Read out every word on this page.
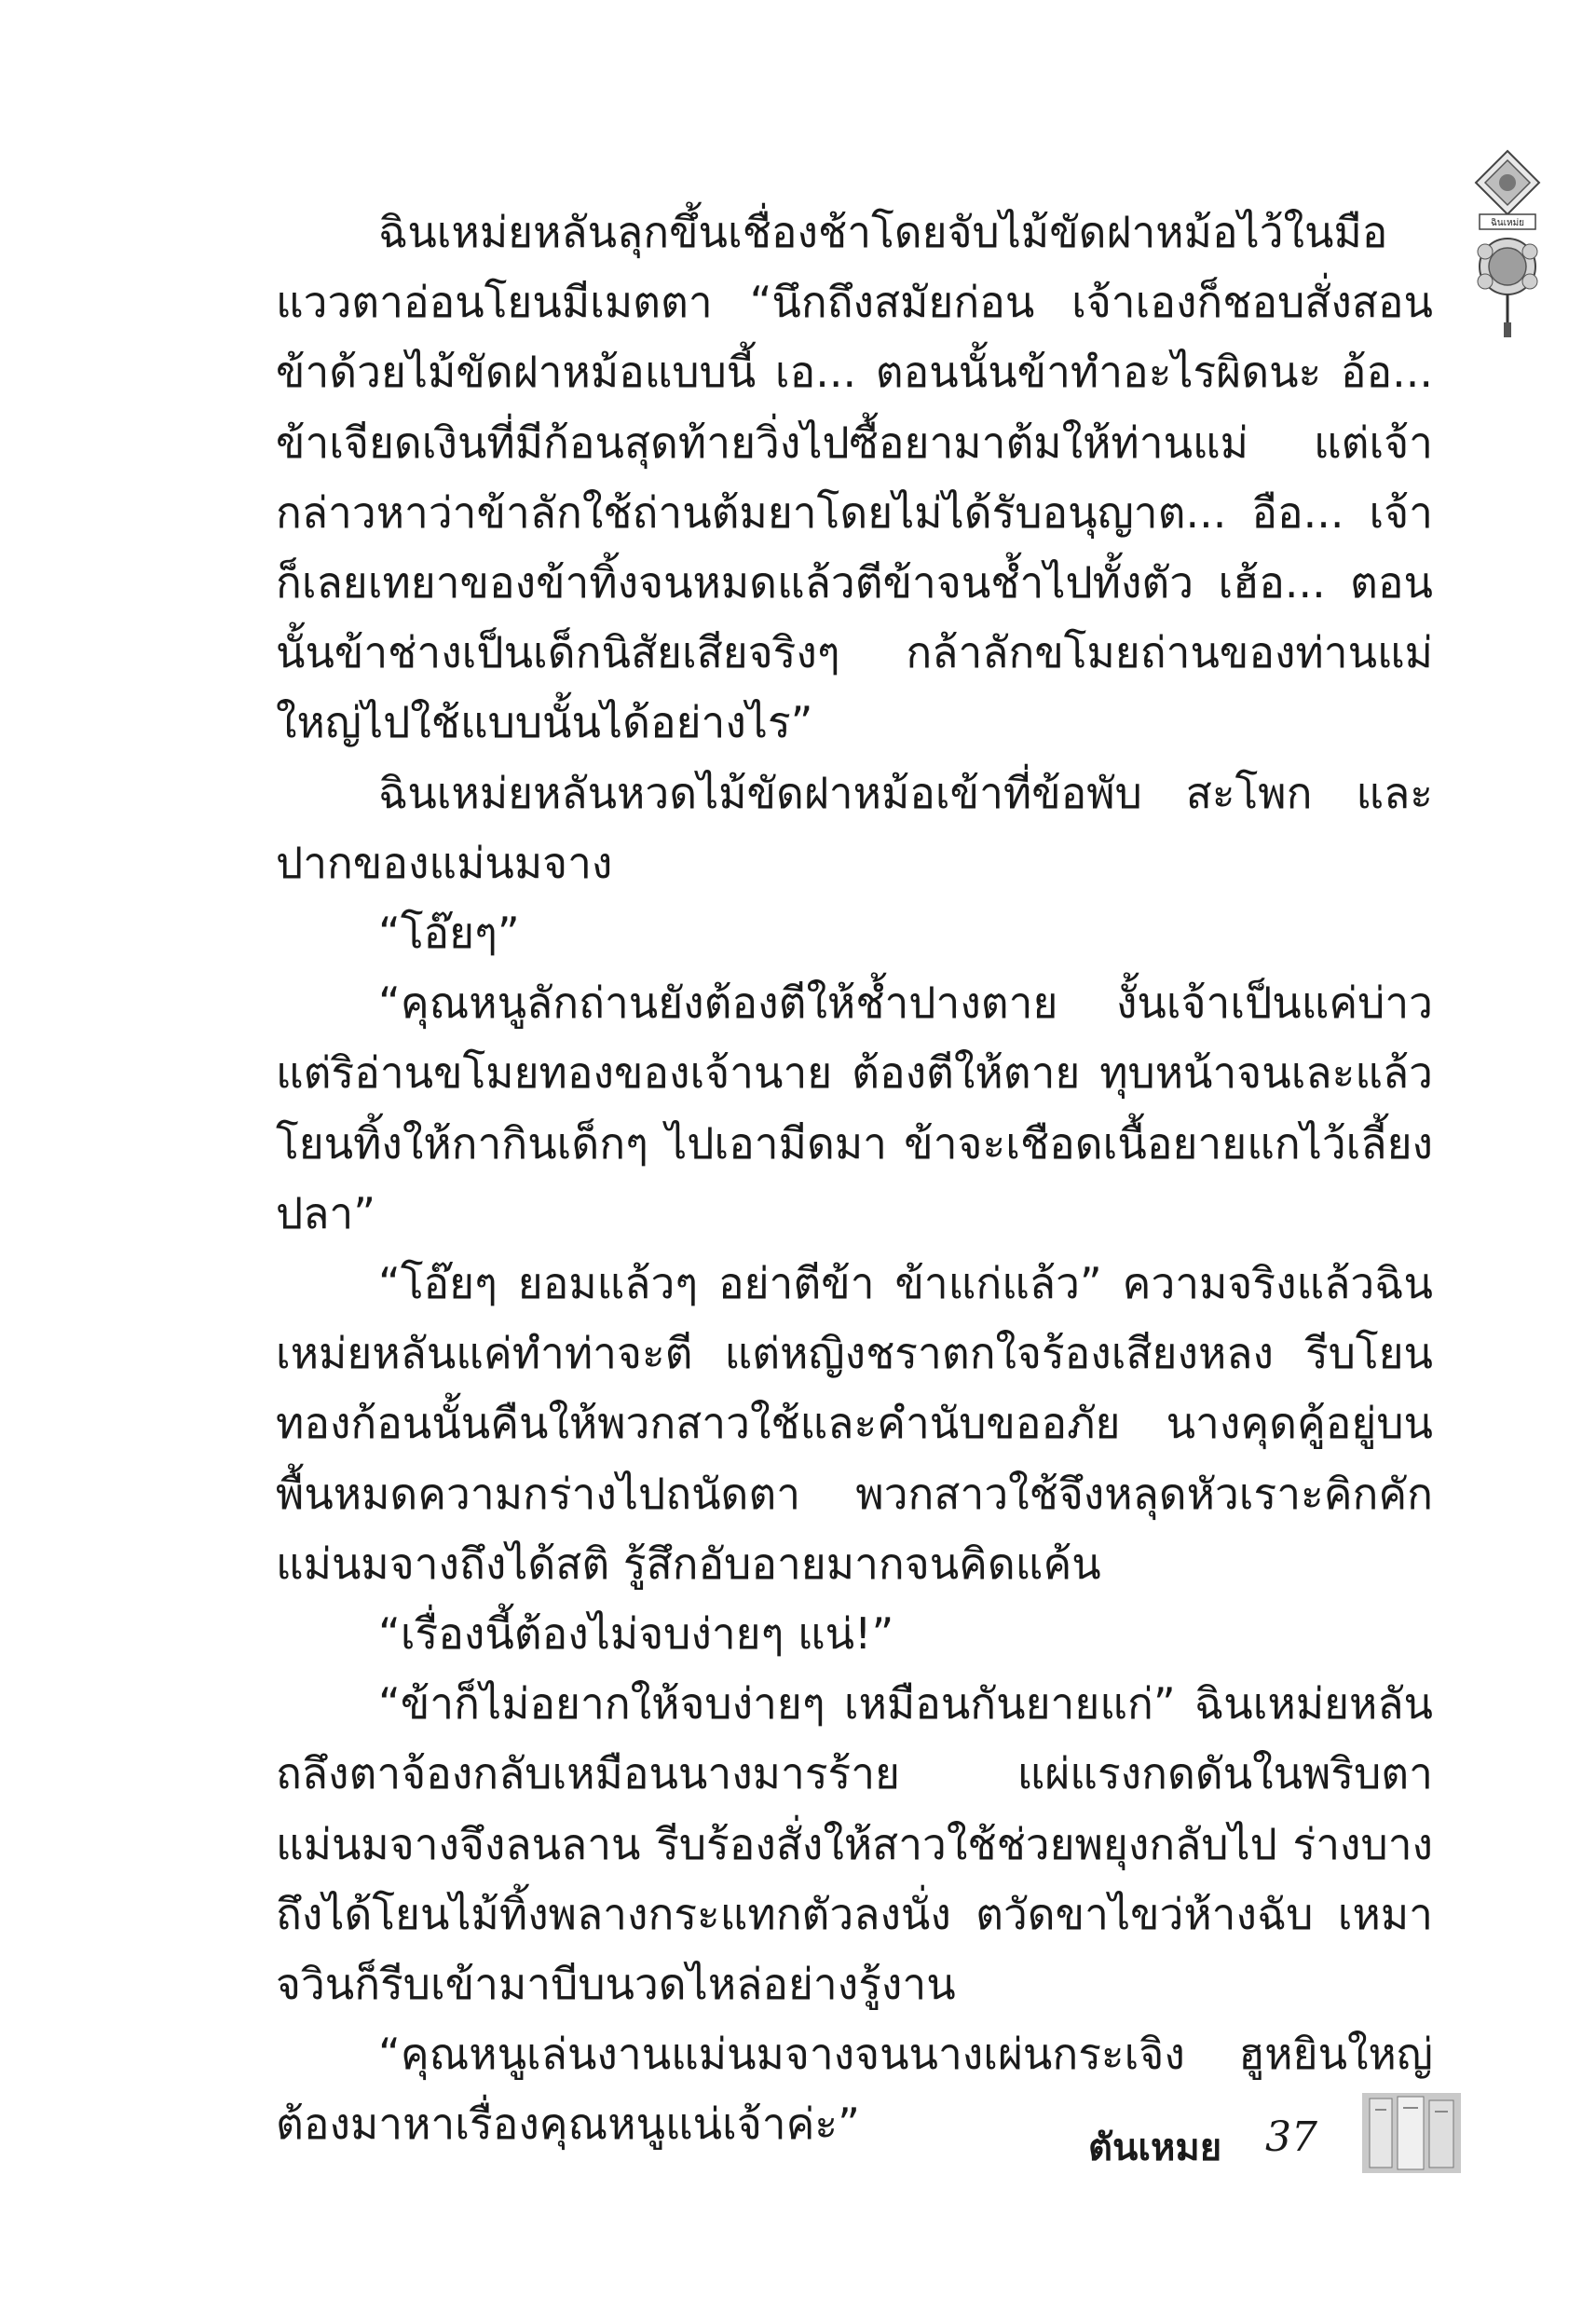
ฉินเหม่ยหลันลุกขึ้นเชื่องช้าโดยจับไม้ขัดฝาหม้อไว้ในมือ แววตาอ่อนโยนมีเมตตา “นึกถึงสมัยก่อน เจ้าเองก็ชอบสั่งสอนข้าด้วยไม้ขัดฝาหม้อแบบนี้ เอ... ตอนนั้นข้าทำอะไรผิดนะ อ้อ... ข้าเจียดเงินที่มีก้อนสุดท้ายวิ่งไปซื้อยามาต้มให้ท่านแม่ แต่เจ้ากล่าวหาว่าข้าลักใช้ถ่านต้มยาโดยไม่ได้รับอนุญาต... อือ... เจ้าก็เลยเทยาของข้าทิ้งจนหมดแล้วตีข้าจนช้ำไปทั้งตัว เฮ้อ... ตอนนั้นข้าช่างเป็นเด็กนิสัยเสียจริงๆ กล้าลักขโมยถ่านของท่านแม่ใหญ่ไปใช้แบบนั้นได้อย่างไร”

ฉินเหม่ยหลันหวดไม้ขัดฝาหม้อเข้าที่ข้อพับ สะโพก และปากของแม่นมจาง

“โอ๊ยๆ”

“คุณหนูลักถ่านยังต้องตีให้ช้ำปางตาย งั้นเจ้าเป็นแค่บ่าวแต่ริอ่านขโมยทองของเจ้านาย ต้องตีให้ตาย ทุบหน้าจนเละแล้วโยนทิ้งให้กากินเด็กๆ ไปเอามีดมา ข้าจะเชือดเนื้อยายแกไว้เลี้ยงปลา”

“โอ๊ยๆ ยอมแล้วๆ อย่าตีข้า ข้าแก่แล้ว” ความจริงแล้วฉินเหม่ยหลันแค่ทำท่าจะตี แต่หญิงชราตกใจร้องเสียงหลง รีบโยนทองก้อนนั้นคืนให้พวกสาวใช้และคำนับขออภัย นางคุดคู้อยู่บนพื้นหมดความกร่างไปถนัดตา พวกสาวใช้จึงหลุดหัวเราะคิกคัก แม่นมจางถึงได้สติ รู้สึกอับอายมากจนคิดแค้น

“เรื่องนี้ต้องไม่จบง่ายๆ แน่!”

“ข้าก็ไม่อยากให้จบง่ายๆ เหมือนกันยายแก่” ฉินเหม่ยหลันถลึงตาจ้องกลับเหมือนนางมารร้าย แผ่แรงกดดันในพริบตา แม่นมจางจึงลนลาน รีบร้องสั่งให้สาวใช้ช่วยพยุงกลับไป ร่างบางถึงได้โยนไม้ทิ้งพลางกระแทกตัวลงนั่ง ตวัดขาไขว่ห้างฉับ เหมาจวินก็รีบเข้ามาบีบนวดไหล่อย่างรู้งาน

“คุณหนูเล่นงานแม่นมจางจนนางเผ่นกระเจิง ฮูหยินใหญ่ต้องมาหาเรื่องคุณหนูแน่เจ้าค่ะ”

ฉินเหม่ย
ตันเหมย 37
